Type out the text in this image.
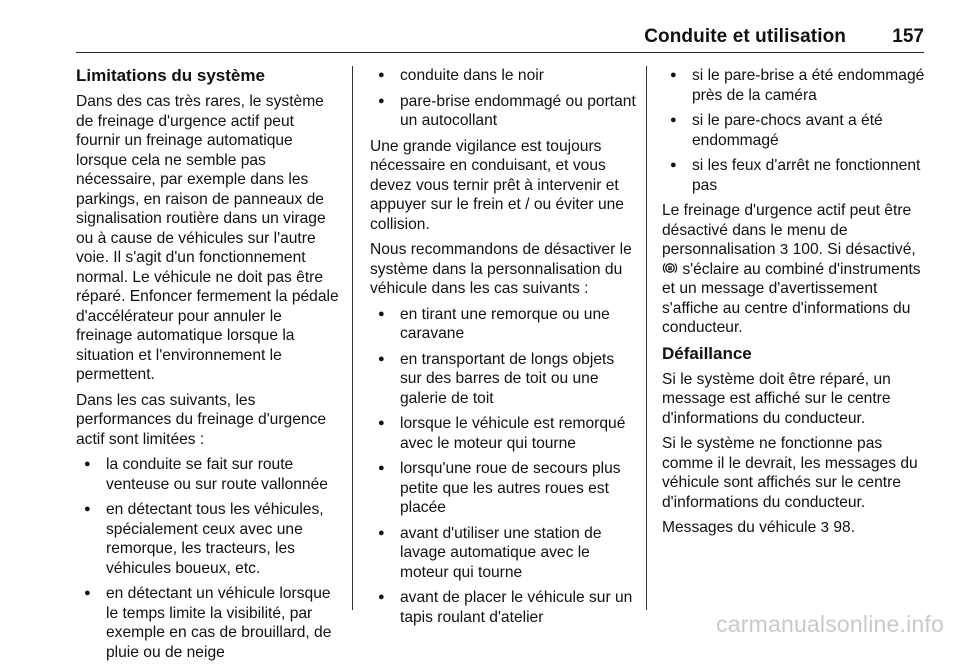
Conduite et utilisation 157
Limitations du système

Dans des cas très rares, le système de freinage d'urgence actif peut fournir un freinage automatique lorsque cela ne semble pas nécessaire, par exemple dans les parkings, en raison de panneaux de signalisation routière dans un virage ou à cause de véhicules sur l'autre voie. Il s'agit d'un fonctionnement normal. Le véhicule ne doit pas être réparé. Enfoncer fermement la pédale d'accélérateur pour annuler le freinage automatique lorsque la situation et l'environnement le permettent.

Dans les cas suivants, les performances du freinage d'urgence actif sont limitées :

● la conduite se fait sur route venteuse ou sur route vallonnée
● en détectant tous les véhicules, spécialement ceux avec une remorque, les tracteurs, les véhicules boueux, etc.
● en détectant un véhicule lorsque le temps limite la visibilité, par exemple en cas de brouillard, de pluie ou de neige
● conduite dans le noir
● pare-brise endommagé ou portant un autocollant

Une grande vigilance est toujours nécessaire en conduisant, et vous devez vous ternir prêt à intervenir et appuyer sur le frein et / ou éviter une collision.

Nous recommandons de désactiver le système dans la personnalisation du véhicule dans les cas suivants :

● en tirant une remorque ou une caravane
● en transportant de longs objets sur des barres de toit ou une galerie de toit
● lorsque le véhicule est remorqué avec le moteur qui tourne
● lorsqu'une roue de secours plus petite que les autres roues est placée
● avant d'utiliser une station de lavage automatique avec le moteur qui tourne
● avant de placer le véhicule sur un tapis roulant d'atelier
● si le pare-brise a été endommagé près de la caméra
● si le pare-chocs avant a été endommagé
● si les feux d'arrêt ne fonctionnent pas

Le freinage d'urgence actif peut être désactivé dans le menu de personnalisation 3 100. Si désactivé,  s'éclaire au combiné d'instruments et un message d'avertissement s'affiche au centre d'informations du conducteur.

Défaillance

Si le système doit être réparé, un message est affiché sur le centre d'informations du conducteur.

Si le système ne fonctionne pas comme il le devrait, les messages du véhicule sont affichés sur le centre d'informations du conducteur.

Messages du véhicule 3 98.

carmanualsonline.info
